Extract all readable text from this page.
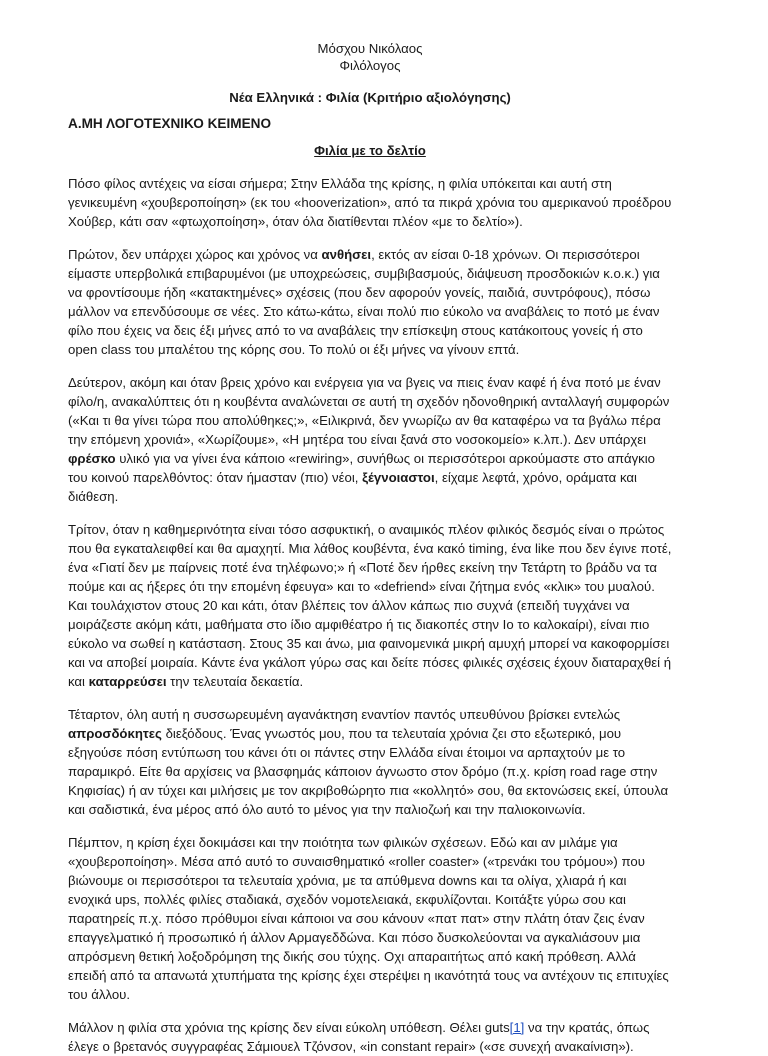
Μόσχου Νικόλαος
Φιλόλογος
Νέα Ελληνικά : Φιλία (Κριτήριο αξιολόγησης)
Α.ΜΗ ΛΟΓΟΤΕΧΝΙΚΟ ΚΕΙΜΕΝΟ
Φιλία με το δελτίο

Πόσο φίλος αντέχεις να είσαι σήμερα; Στην Ελλάδα της κρίσης, η φιλία υπόκειται και αυτή στη γενικευμένη «χουβεροποίηση» (εκ του «hooverization», από τα πικρά χρόνια του αμερικανού προέδρου Χούβερ, κάτι σαν «φτωχοποίηση», όταν όλα διατίθενται πλέον «με το δελτίο»).

Πρώτον, δεν υπάρχει χώρος και χρόνος να ανθήσει, εκτός αν είσαι 0-18 χρόνων. Οι περισσότεροι είμαστε υπερβολικά επιβαρυμένοι (με υποχρεώσεις, συμβιβασμούς, διάψευση προσδοκιών κ.ο.κ.) για να φροντίσουμε ήδη «κατακτημένες» σχέσεις (που δεν αφορούν γονείς, παιδιά, συντρόφους), πόσω μάλλον να επενδύσουμε σε νέες. Στο κάτω-κάτω, είναι πολύ πιο εύκολο να αναβάλεις το ποτό με έναν φίλο που έχεις να δεις έξι μήνες από το να αναβάλεις την επίσκεψη στους κατάκοιτους γονείς ή στο open class του μπαλέτου της κόρης σου. Το πολύ οι έξι μήνες να γίνουν επτά.

Δεύτερον, ακόμη και όταν βρεις χρόνο και ενέργεια για να βγεις να πιεις έναν καφέ ή ένα ποτό με έναν φίλο/η, ανακαλύπτεις ότι η κουβέντα αναλώνεται σε αυτή τη σχεδόν ηδονοθηρική ανταλλαγή συμφορών («Και τι θα γίνει τώρα που απολύθηκες;», «Ειλικρινά, δεν γνωρίζω αν θα καταφέρω να τα βγάλω πέρα την επόμενη χρονιά», «Χωρίζουμε», «Η μητέρα του είναι ξανά στο νοσοκομείο» κ.λπ.). Δεν υπάρχει φρέσκο υλικό για να γίνει ένα κάποιο «rewiring», συνήθως οι περισσότεροι αρκούμαστε στο απάγκιο του κοινού παρελθόντος: όταν ήμασταν (πιο) νέοι, ξέγνοιαστοι, είχαμε λεφτά, χρόνο, οράματα και διάθεση.

Τρίτον, όταν η καθημερινότητα είναι τόσο ασφυκτική, ο αναιμικός πλέον φιλικός δεσμός είναι ο πρώτος που θα εγκαταλειφθεί και θα αμαχητί. Μια λάθος κουβέντα, ένα κακό timing, ένα like που δεν έγινε ποτέ, ένα «Γιατί δεν με παίρνεις ποτέ ένα τηλέφωνο;» ή «Ποτέ δεν ήρθες εκείνη την Τετάρτη το βράδυ να τα πούμε και ας ήξερες ότι την επομένη έφευγα» και το «defriend» είναι ζήτημα ενός «κλικ» του μυαλού. Και τουλάχιστον στους 20 και κάτι, όταν βλέπεις τον άλλον κάπως πιο συχνά (επειδή τυγχάνει να μοιράζεστε ακόμη κάτι, μαθήματα στο ίδιο αμφιθέατρο ή τις διακοπές στην Ιο το καλοκαίρι), είναι πιο εύκολο να σωθεί η κατάσταση. Στους 35 και άνω, μια φαινομενικά μικρή αμυχή μπορεί να κακοφορμίσει και να αποβεί μοιραία. Κάντε ένα γκάλοπ γύρω σας και δείτε πόσες φιλικές σχέσεις έχουν διαταραχθεί ή και καταρρεύσει την τελευταία δεκαετία.

Τέταρτον, όλη αυτή η συσσωρευμένη αγανάκτηση εναντίον παντός υπευθύνου βρίσκει εντελώς απροσδόκητες διεξόδους. Ένας γνωστός μου, που τα τελευταία χρόνια ζει στο εξωτερικό, μου εξηγούσε πόση εντύπωση του κάνει ότι οι πάντες στην Ελλάδα είναι έτοιμοι να αρπαχτούν με το παραμικρό. Είτε θα αρχίσεις να βλασφημάς κάποιον άγνωστο στον δρόμο (π.χ. κρίση road rage στην Κηφισίας) ή αν τύχει και μιλήσεις με τον ακριβοθώρητο πια «κολλητό» σου, θα εκτονώσεις εκεί, ύπουλα και σαδιστικά, ένα μέρος από όλο αυτό το μένος για την παλιοζωή και την παλιοκοινωνία.

Πέμπτον, η κρίση έχει δοκιμάσει και την ποιότητα των φιλικών σχέσεων. Εδώ και αν μιλάμε για «χουβεροποίηση». Μέσα από αυτό το συναισθηματικό «roller coaster» («τρενάκι του τρόμου») που βιώνουμε οι περισσότεροι τα τελευταία χρόνια, με τα απύθμενα downs και τα ολίγα, χλιαρά ή και ενοχικά ups, πολλές φιλίες σταδιακά, σχεδόν νομοτελειακά, εκφυλίζονται. Κοιτάξτε γύρω σου και παρατηρείς π.χ. πόσο πρόθυμοι είναι κάποιοι να σου κάνουν «πατ πατ» στην πλάτη όταν ζεις έναν επαγγελματικό ή προσωπικό ή άλλον Αρμαγεδδώνα. Και πόσο δυσκολεύονται να αγκαλιάσουν μια απρόσμενη θετική λοξοδρόμηση της δικής σου τύχης. Οχι απαραιτήτως από κακή πρόθεση. Αλλά επειδή από τα απανωτά χτυπήματα της κρίσης έχει στερέψει η ικανότητά τους να αντέχουν τις επιτυχίες του άλλου.

Μάλλον η φιλία στα χρόνια της κρίσης δεν είναι εύκολη υπόθεση. Θέλει guts[1] να την κρατάς, όπως έλεγε ο βρετανός συγγραφέας Σάμιουελ Τζόνσον, «in constant repair» («σε συνεχή ανακαίνιση»).
